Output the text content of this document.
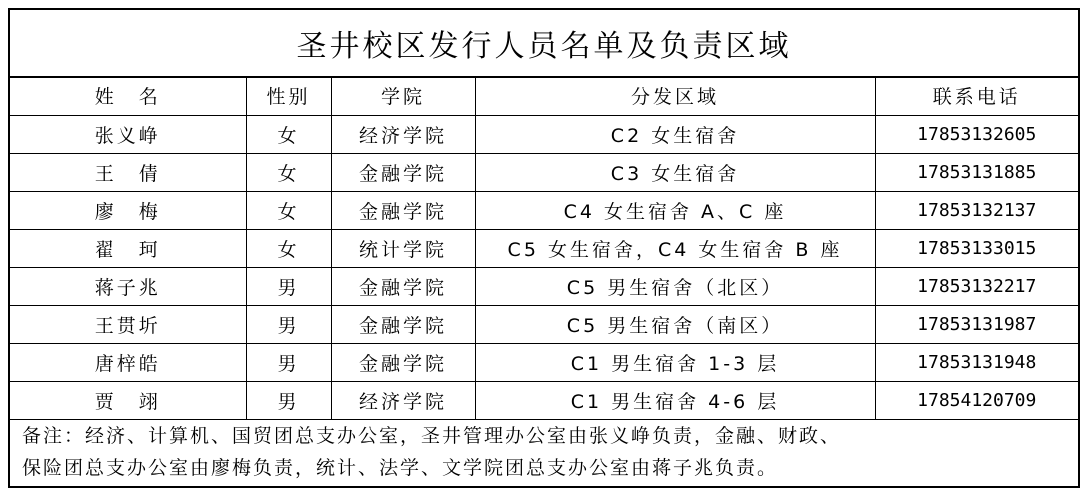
圣井校区发行人员名单及负责区域
姓　名	性别	学院	分发区域	联系电话
张义峥	女	经济学院	C2 女生宿舍	17853132605
王　倩	女	金融学院	C3 女生宿舍	17853131885
廖　梅	女	金融学院	C4 女生宿舍 A、C 座	17853132137
翟　珂	女	统计学院	C5 女生宿舍，C4 女生宿舍 B 座	17853133015
蒋子兆	男	金融学院	C5 男生宿舍（北区）	17853132217
王贯圻	男	金融学院	C5 男生宿舍（南区）	17853131987
唐梓皓	男	金融学院	C1 男生宿舍 1-3 层	17853131948
贾　翊	男	经济学院	C1 男生宿舍 4-6 层	17854120709
备注：经济、计算机、国贸团总支办公室，圣井管理办公室由张义峥负责，金融、财政、
保险团总支办公室由廖梅负责，统计、法学、文学院团总支办公室由蒋子兆负责。
